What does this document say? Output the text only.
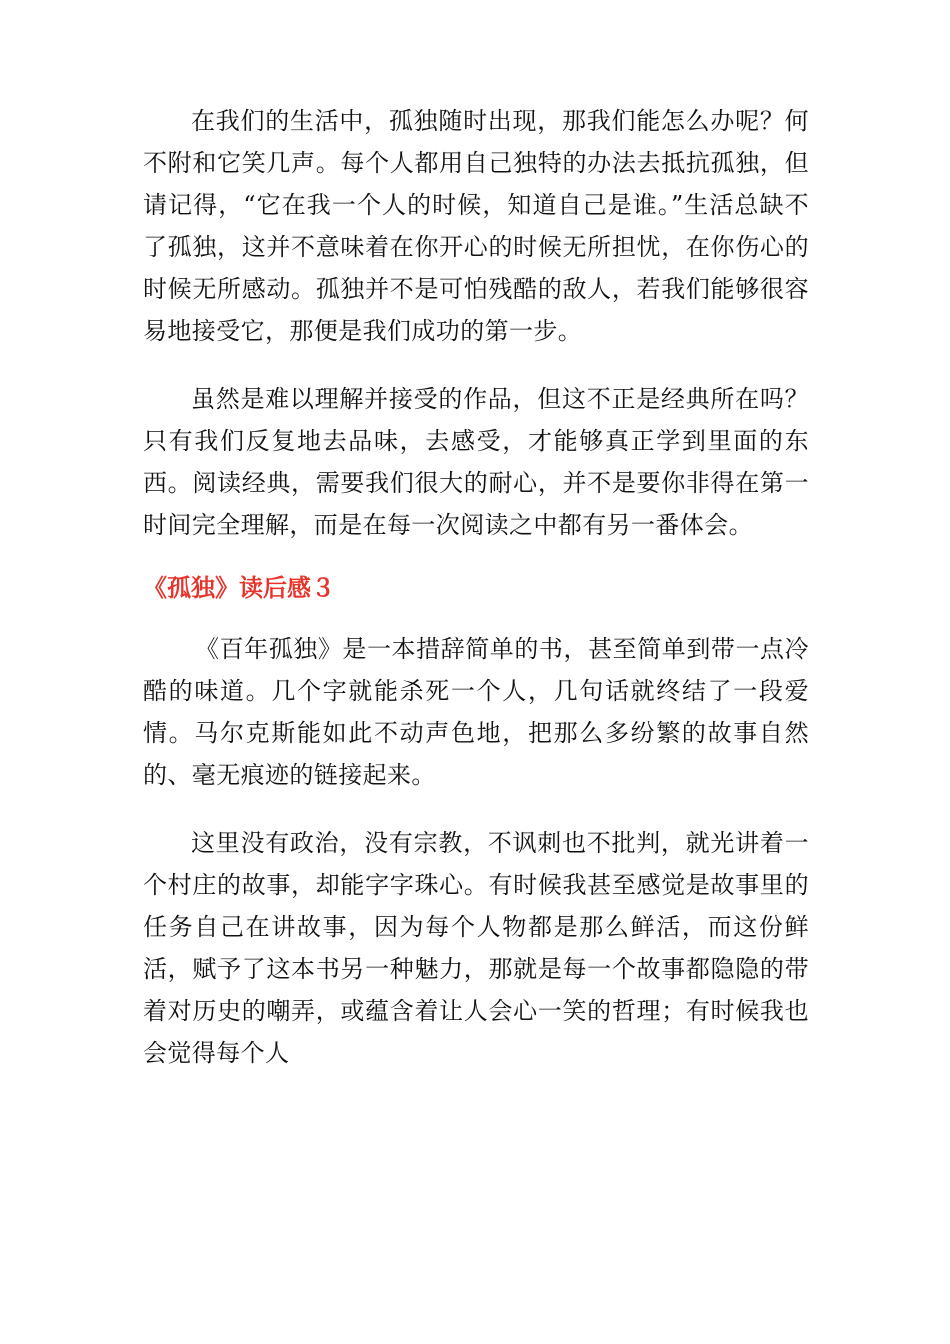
在我们的生活中，孤独随时出现，那我们能怎么办呢？何不附和它笑几声。每个人都用自己独特的办法去抵抗孤独，但请记得，“它在我一个人的时候，知道自己是谁。”生活总缺不了孤独，这并不意味着在你开心的时候无所担忧，在你伤心的时候无所感动。孤独并不是可怕残酷的敌人，若我们能够很容易地接受它，那便是我们成功的第一步。

虽然是难以理解并接受的作品，但这不正是经典所在吗？只有我们反复地去品味，去感受，才能够真正学到里面的东西。阅读经典，需要我们很大的耐心，并不是要你非得在第一时间完全理解，而是在每一次阅读之中都有另一番体会。

《孤独》读后感３

《百年孤独》是一本措辞简单的书，甚至简单到带一点冷酷的味道。几个字就能杀死一个人，几句话就终结了一段爱情。马尔克斯能如此不动声色地，把那么多纷繁的故事自然的、毫无痕迹的链接起来。

这里没有政治，没有宗教，不讽刺也不批判，就光讲着一个村庄的故事，却能字字珠心。有时候我甚至感觉是故事里的任务自己在讲故事，因为每个人物都是那么鲜活，而这份鲜活，赋予了这本书另一种魅力，那就是每一个故事都隐隐的带着对历史的嘲弄，或蕴含着让人会心一笑的哲理；有时候我也会觉得每个人
